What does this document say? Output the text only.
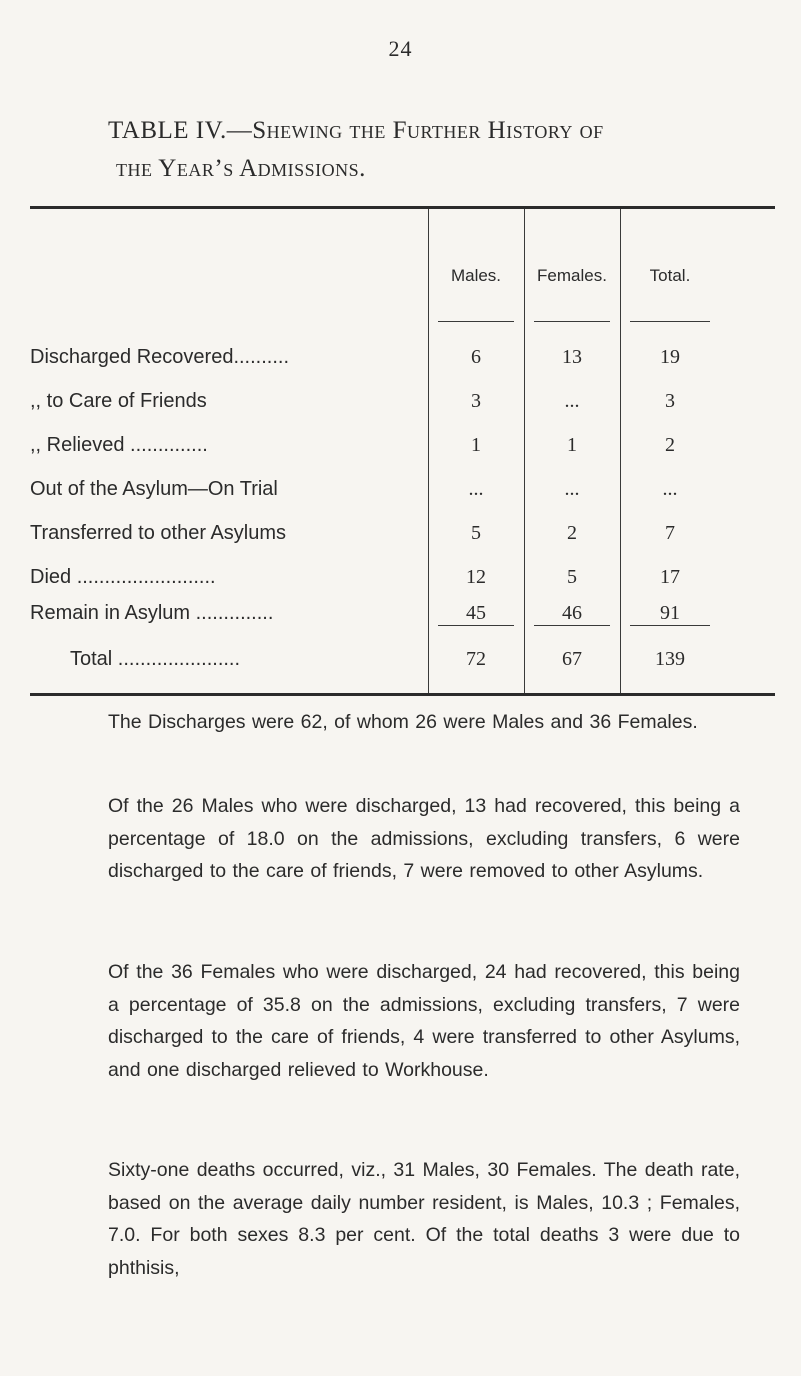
24
TABLE IV.—Shewing the Further History of
the Year’s Admissions.
Males.	Females.	Total.
Discharged Recovered..........	6	13	19
,, to Care of Friends	3	...	3
,, Relieved ..............	1	1	2
Out of the Asylum—On Trial	...	...	...
Transferred to other Asylums	5	2	7
Died .........................	12	5	17
Remain in Asylum ..............	45	46	91
Total ......................	72	67	139
The Discharges were 62, of whom 26 were Males and 36 Females.
Of the 26 Males who were discharged, 13 had recovered, this being a percentage of 18.0 on the admissions, excluding transfers, 6 were discharged to the care of friends, 7 were removed to other Asylums.
Of the 36 Females who were discharged, 24 had recovered, this being a percentage of 35.8 on the admissions, excluding transfers, 7 were discharged to the care of friends, 4 were transferred to other Asylums, and one discharged relieved to Workhouse.
Sixty-one deaths occurred, viz., 31 Males, 30 Females. The death rate, based on the average daily number resident, is Males, 10.3 ; Females, 7.0. For both sexes 8.3 per cent. Of the total deaths 3 were due to phthisis,
